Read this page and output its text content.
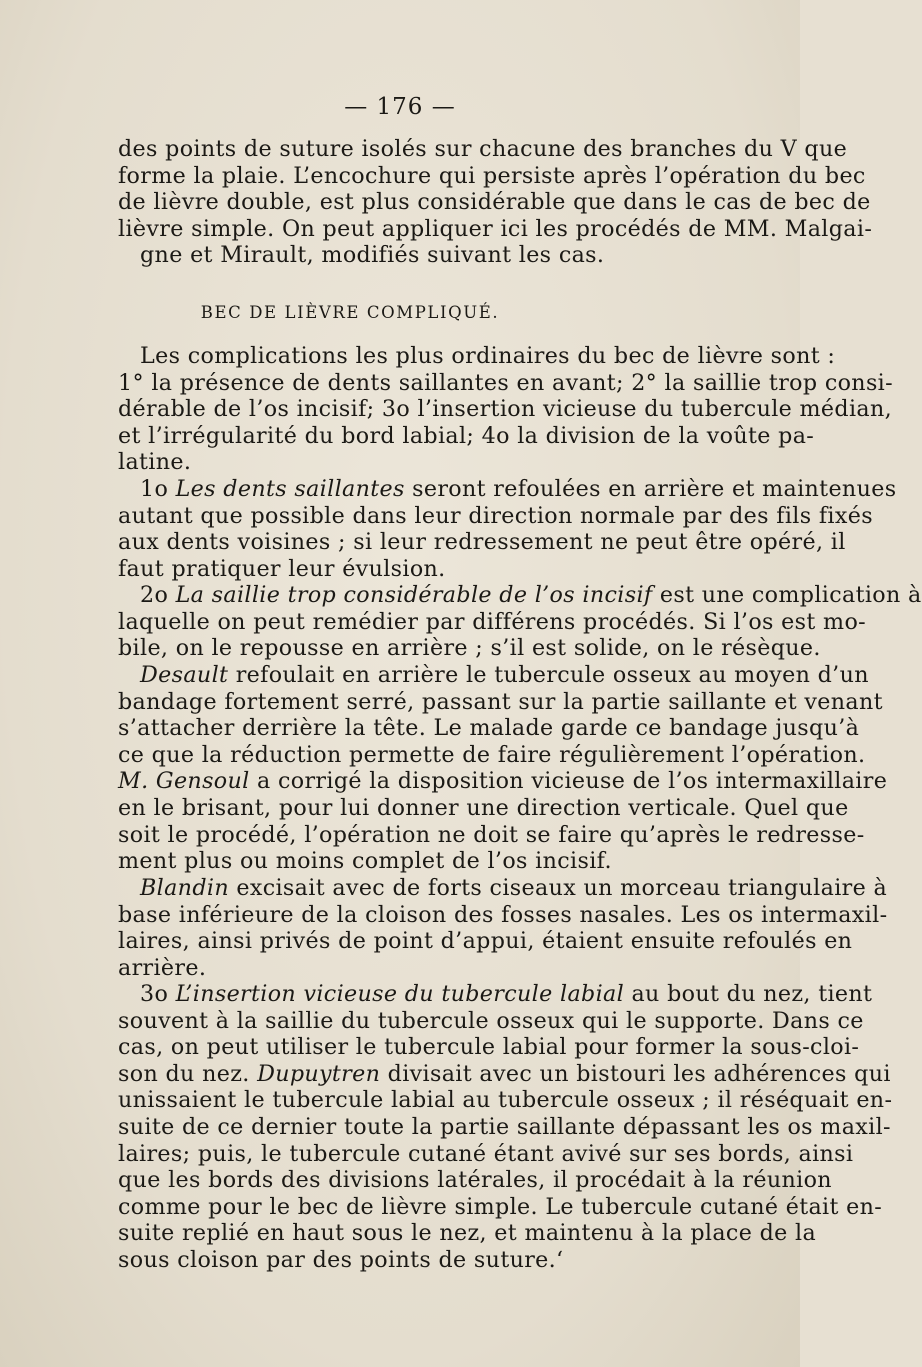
— 176 —
des points de suture isolés sur chacune des branches du V que
forme la plaie. L’encochure qui persiste après l’opération du bec
de lièvre double, est plus considérable que dans le cas de bec de
lièvre simple. On peut appliquer ici les procédés de MM. Malgai-
gne et Mirault, modifiés suivant les cas.
BEC DE LIÈVRE COMPLIQUÉ.
Les complications les plus ordinaires du bec de lièvre sont :
1° la présence de dents saillantes en avant; 2° la saillie trop consi-
dérable de l’os incisif; 3o l’insertion vicieuse du tubercule médian,
et l’irrégularité du bord labial; 4o la division de la voûte pa-
latine.
1o Les dents saillantes seront refoulées en arrière et maintenues
autant que possible dans leur direction normale par des fils fixés
aux dents voisines ; si leur redressement ne peut être opéré, il
faut pratiquer leur évulsion.
2o La saillie trop considérable de l’os incisif est une complication à
laquelle on peut remédier par différens procédés. Si l’os est mo-
bile, on le repousse en arrière ; s’il est solide, on le résèque.
Desault refoulait en arrière le tubercule osseux au moyen d’un
bandage fortement serré, passant sur la partie saillante et venant
s’attacher derrière la tête. Le malade garde ce bandage jusqu’à
ce que la réduction permette de faire régulièrement l’opération.
M. Gensoul a corrigé la disposition vicieuse de l’os intermaxillaire
en le brisant, pour lui donner une direction verticale. Quel que
soit le procédé, l’opération ne doit se faire qu’après le redresse-
ment plus ou moins complet de l’os incisif.
Blandin excisait avec de forts ciseaux un morceau triangulaire à
base inférieure de la cloison des fosses nasales. Les os intermaxil-
laires, ainsi privés de point d’appui, étaient ensuite refoulés en
arrière.
3o L’insertion vicieuse du tubercule labial au bout du nez, tient
souvent à la saillie du tubercule osseux qui le supporte. Dans ce
cas, on peut utiliser le tubercule labial pour former la sous-cloi-
son du nez. Dupuytren divisait avec un bistouri les adhérences qui
unissaient le tubercule labial au tubercule osseux ; il réséquait en-
suite de ce dernier toute la partie saillante dépassant les os maxil-
laires; puis, le tubercule cutané étant avivé sur ses bords, ainsi
que les bords des divisions latérales, il procédait à la réunion
comme pour le bec de lièvre simple. Le tubercule cutané était en-
suite replié en haut sous le nez, et maintenu à la place de la
sous cloison par des points de suture.‘
